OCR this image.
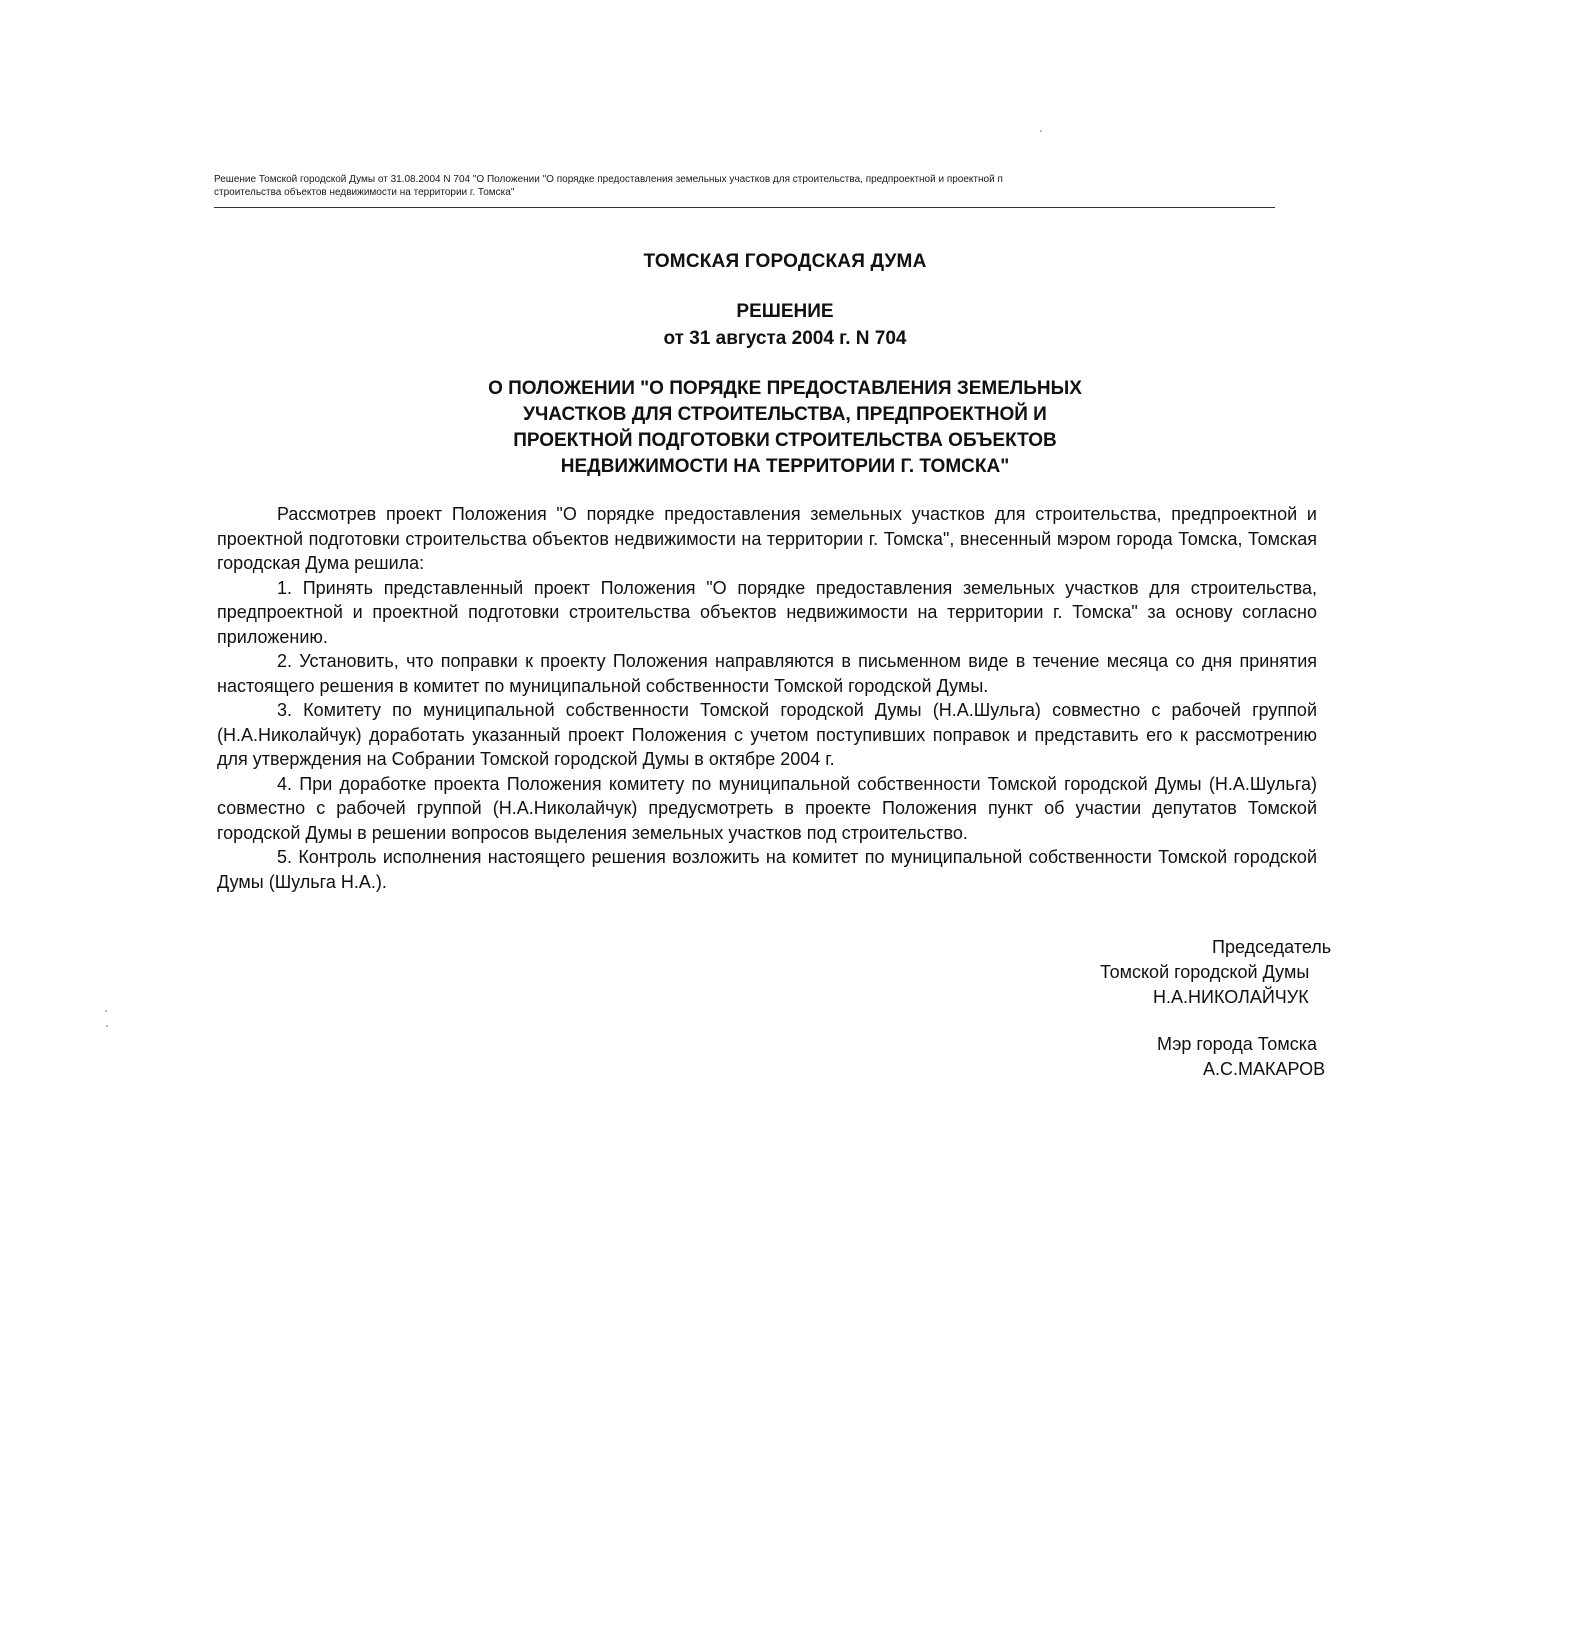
Решение Томской городской Думы от 31.08.2004 N 704 "О Положении "О порядке предоставления земельных участков для строительства, предпроектной и проектной п
строительства объектов недвижимости на территории г. Томска"
ТОМСКАЯ ГОРОДСКАЯ ДУМА
РЕШЕНИЕ
от 31 августа 2004 г. N 704
О ПОЛОЖЕНИИ "О ПОРЯДКЕ ПРЕДОСТАВЛЕНИЯ ЗЕМЕЛЬНЫХ
УЧАСТКОВ ДЛЯ СТРОИТЕЛЬСТВА, ПРЕДПРОЕКТНОЙ И
ПРОЕКТНОЙ ПОДГОТОВКИ СТРОИТЕЛЬСТВА ОБЪЕКТОВ
НЕДВИЖИМОСТИ НА ТЕРРИТОРИИ Г. ТОМСКА"

Рассмотрев проект Положения "О порядке предоставления земельных участков для строительства, предпроектной и проектной подготовки строительства объектов недвижимости на территории г. Томска", внесенный мэром города Томска, Томская городская Дума решила:

1. Принять представленный проект Положения "О порядке предоставления земельных участков для строительства, предпроектной и проектной подготовки строительства объектов недвижимости на территории г. Томска" за основу согласно приложению.

2. Установить, что поправки к проекту Положения направляются в письменном виде в течение месяца со дня принятия настоящего решения в комитет по муниципальной собственности Томской городской Думы.

3. Комитету по муниципальной собственности Томской городской Думы (Н.А.Шульга) совместно с рабочей группой (Н.А.Николайчук) доработать указанный проект Положения с учетом поступивших поправок и представить его к рассмотрению для утверждения на Собрании Томской городской Думы в октябре 2004 г.

4. При доработке проекта Положения комитету по муниципальной собственности Томской городской Думы (Н.А.Шульга) совместно с рабочей группой (Н.А.Николайчук) предусмотреть в проекте Положения пункт об участии депутатов Томской городской Думы в решении вопросов выделения земельных участков под строительство.

5. Контроль исполнения настоящего решения возложить на комитет по муниципальной собственности Томской городской Думы (Шульга Н.А.).

Председатель
Томской городской Думы
Н.А.НИКОЛАЙЧУК
Мэр города Томска
А.С.МАКАРОВ
